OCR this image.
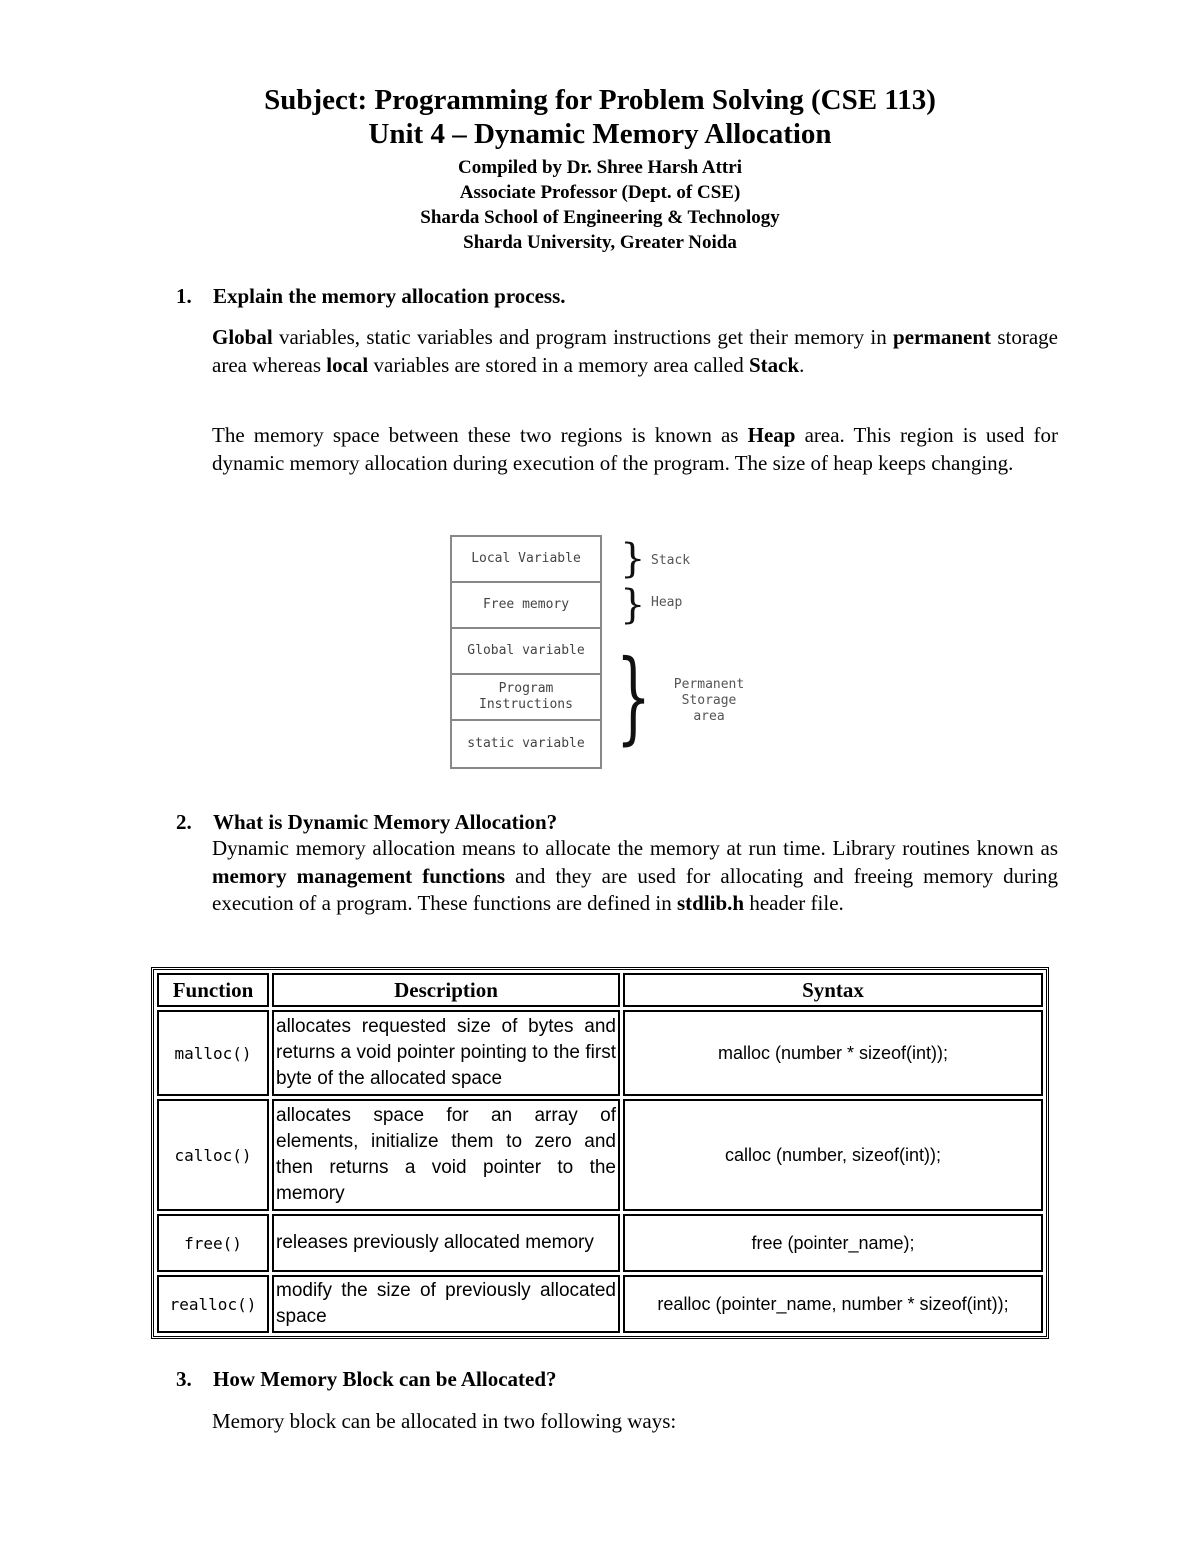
Subject: Programming for Problem Solving (CSE 113)
Unit 4 – Dynamic Memory Allocation
Compiled by Dr. Shree Harsh Attri
Associate Professor (Dept. of CSE)
Sharda School of Engineering & Technology
Sharda University, Greater Noida
1. Explain the memory allocation process.
Global variables, static variables and program instructions get their memory in permanent storage area whereas local variables are stored in a memory area called Stack.
The memory space between these two regions is known as Heap area. This region is used for dynamic memory allocation during execution of the program. The size of heap keeps changing.
Local Variable
Free memory
Global variable
Program Instructions
static variable
}
}
}
Stack
Heap
Permanent Storage area
2. What is Dynamic Memory Allocation?
Dynamic memory allocation means to allocate the memory at run time. Library routines known as memory management functions and they are used for allocating and freeing memory during execution of a program. These functions are defined in stdlib.h header file.
Function	Description	Syntax
malloc()	allocates requested size of bytes and returns a void pointer pointing to the first byte of the allocated space	malloc (number * sizeof(int));
calloc()	allocates space for an array of elements, initialize them to zero and then returns a void pointer to the memory	calloc (number, sizeof(int));
free()	releases previously allocated memory	free (pointer_name);
realloc()	modify the size of previously allocated space	realloc (pointer_name, number * sizeof(int));
3. How Memory Block can be Allocated?
Memory block can be allocated in two following ways:
